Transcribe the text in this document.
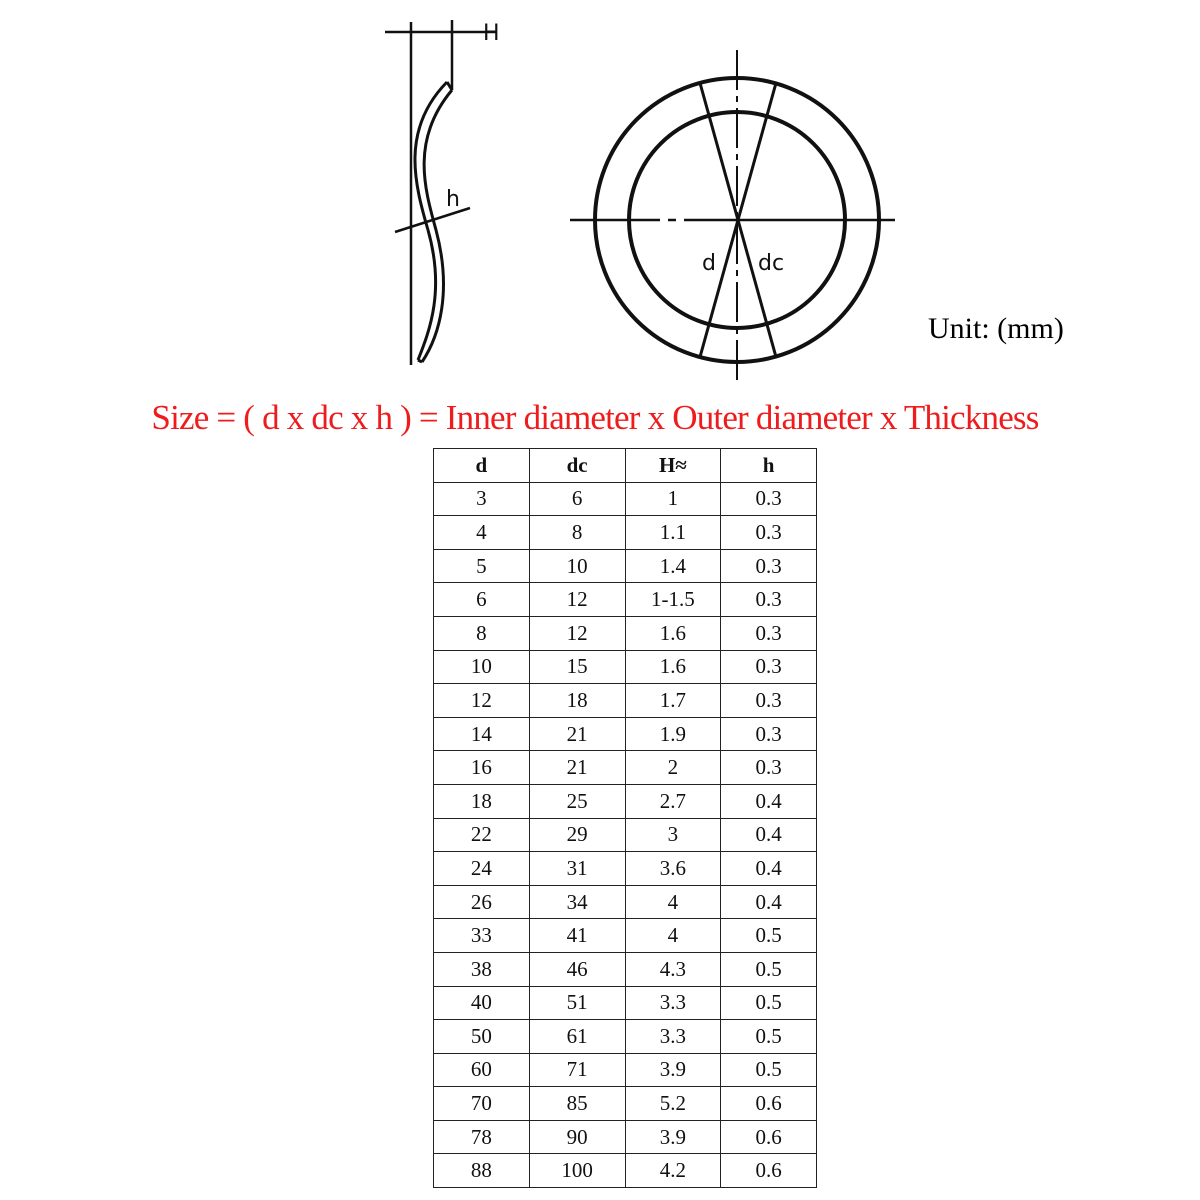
H
h
d dc
Unit: (mm)
Size = ( d x dc x h ) = Inner diameter x Outer diameter x Thickness
d	dc	H≈	h
3	6	1	0.3
4	8	1.1	0.3
5	10	1.4	0.3
6	12	1-1.5	0.3
8	12	1.6	0.3
10	15	1.6	0.3
12	18	1.7	0.3
14	21	1.9	0.3
16	21	2	0.3
18	25	2.7	0.4
22	29	3	0.4
24	31	3.6	0.4
26	34	4	0.4
33	41	4	0.5
38	46	4.3	0.5
40	51	3.3	0.5
50	61	3.3	0.5
60	71	3.9	0.5
70	85	5.2	0.6
78	90	3.9	0.6
88	100	4.2	0.6
